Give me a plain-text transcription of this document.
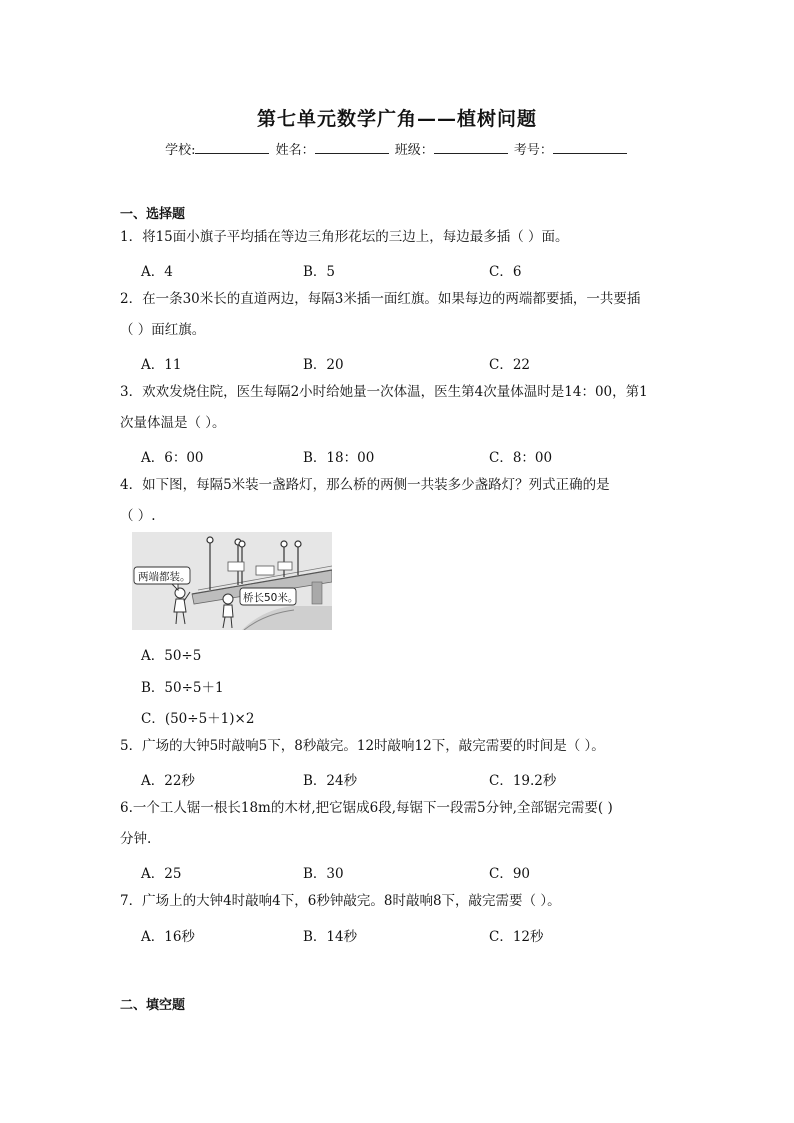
第七单元数学广角——植树问题
学校:	姓名：	班级：	考号：
一、选择题
1．将15面小旗子平均插在等边三角形花坛的三边上，每边最多插（ ）面。
A．4	B．5	C．6
2．在一条30米长的直道两边，每隔3米插一面红旗。如果每边的两端都要插，一共要插
（ ）面红旗。
A．11	B．20	C．22
3．欢欢发烧住院，医生每隔2小时给她量一次体温，医生第4次量体温时是14：00，第1
次量体温是（ ）。
A．6：00	B．18：00	C．8：00
4．如下图，每隔5米装一盏路灯，那么桥的两侧一共装多少盏路灯？列式正确的是
（ ）.
两端都装。
桥长50米。
A．50÷5
B．50÷5＋1
C．(50÷5＋1)×2
5．广场的大钟5时敲响5下，8秒敲完。12时敲响12下，敲完需要的时间是（ ）。
A．22秒	B．24秒	C．19.2秒
6.一个工人锯一根长18m的木材,把它锯成6段,每锯下一段需5分钟,全部锯完需要( )
分钟.
A．25	B．30	C．90
7．广场上的大钟4时敲响4下，6秒钟敲完。8时敲响8下，敲完需要（ ）。
A．16秒	B．14秒	C．12秒
二、填空题
